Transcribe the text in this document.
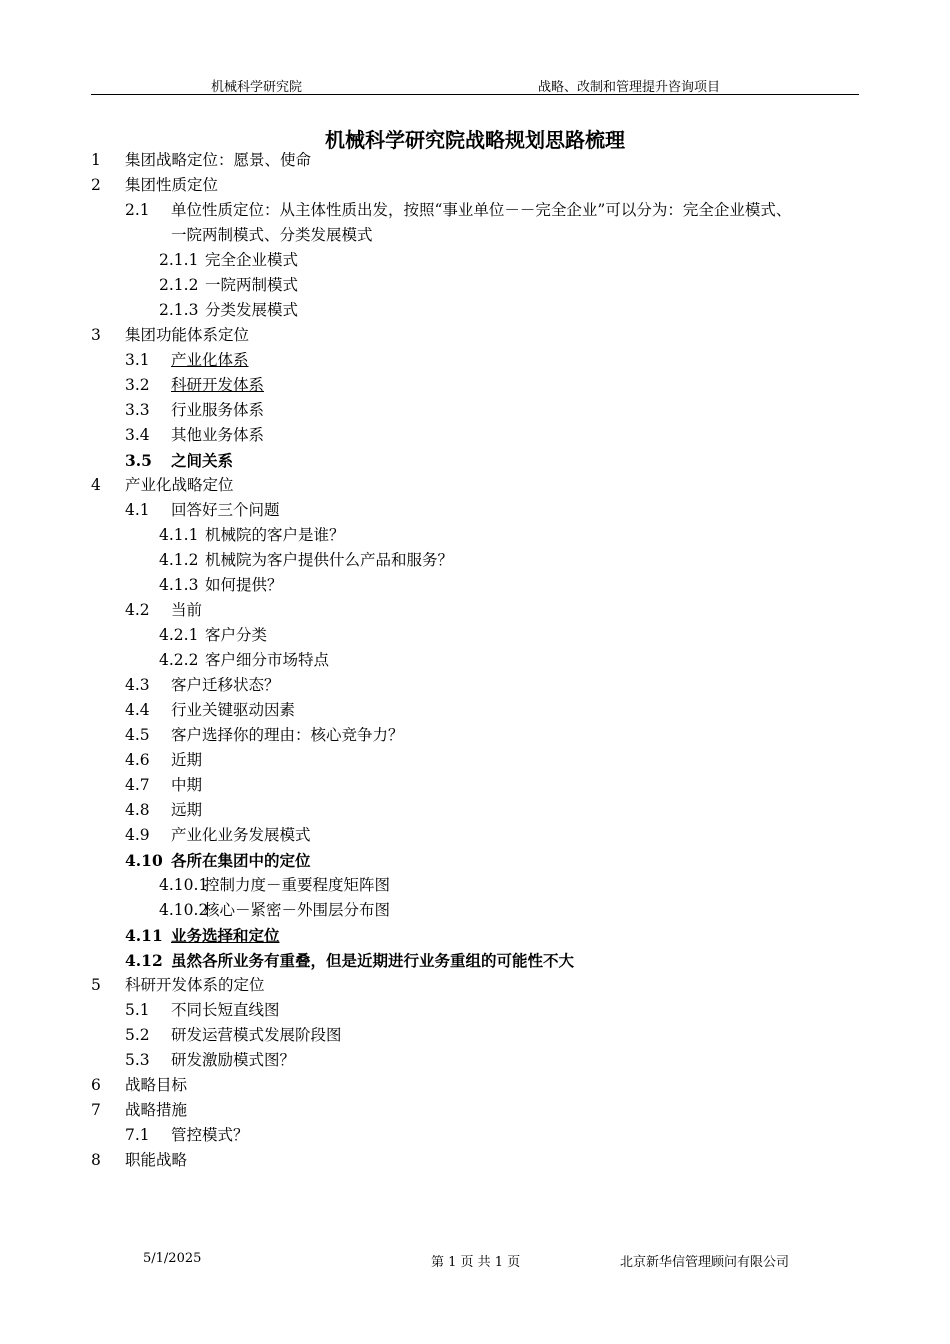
机械科学研究院	战略、改制和管理提升咨询项目
机械科学研究院战略规划思路梳理
1 集团战略定位：愿景、使命
2 集团性质定位
2.1 单位性质定位：从主体性质出发，按照“事业单位－－完全企业”可以分为：完全企业模式、
一院两制模式、分类发展模式
2.1.1 完全企业模式
2.1.2 一院两制模式
2.1.3 分类发展模式
3 集团功能体系定位
3.1 产业化体系
3.2 科研开发体系
3.3 行业服务体系
3.4 其他业务体系
3.5 之间关系
4 产业化战略定位
4.1 回答好三个问题
4.1.1 机械院的客户是谁？
4.1.2 机械院为客户提供什么产品和服务？
4.1.3 如何提供？
4.2 当前
4.2.1 客户分类
4.2.2 客户细分市场特点
4.3 客户迁移状态？
4.4 行业关键驱动因素
4.5 客户选择你的理由：核心竞争力？
4.6 近期
4.7 中期
4.8 远期
4.9 产业化业务发展模式
4.10 各所在集团中的定位
4.10.1
控制力度－重要程度矩阵图
4.10.2
核心－紧密－外围层分布图
4.11 业务选择和定位
4.12 虽然各所业务有重叠，但是近期进行业务重组的可能性不大
5 科研开发体系的定位
5.1 不同长短直线图
5.2 研发运营模式发展阶段图
5.3 研发激励模式图？
6 战略目标
7 战略措施
7.1 管控模式？
8 职能战略
5/1/2025	第 1 页 共 1 页	北京新华信管理顾问有限公司
